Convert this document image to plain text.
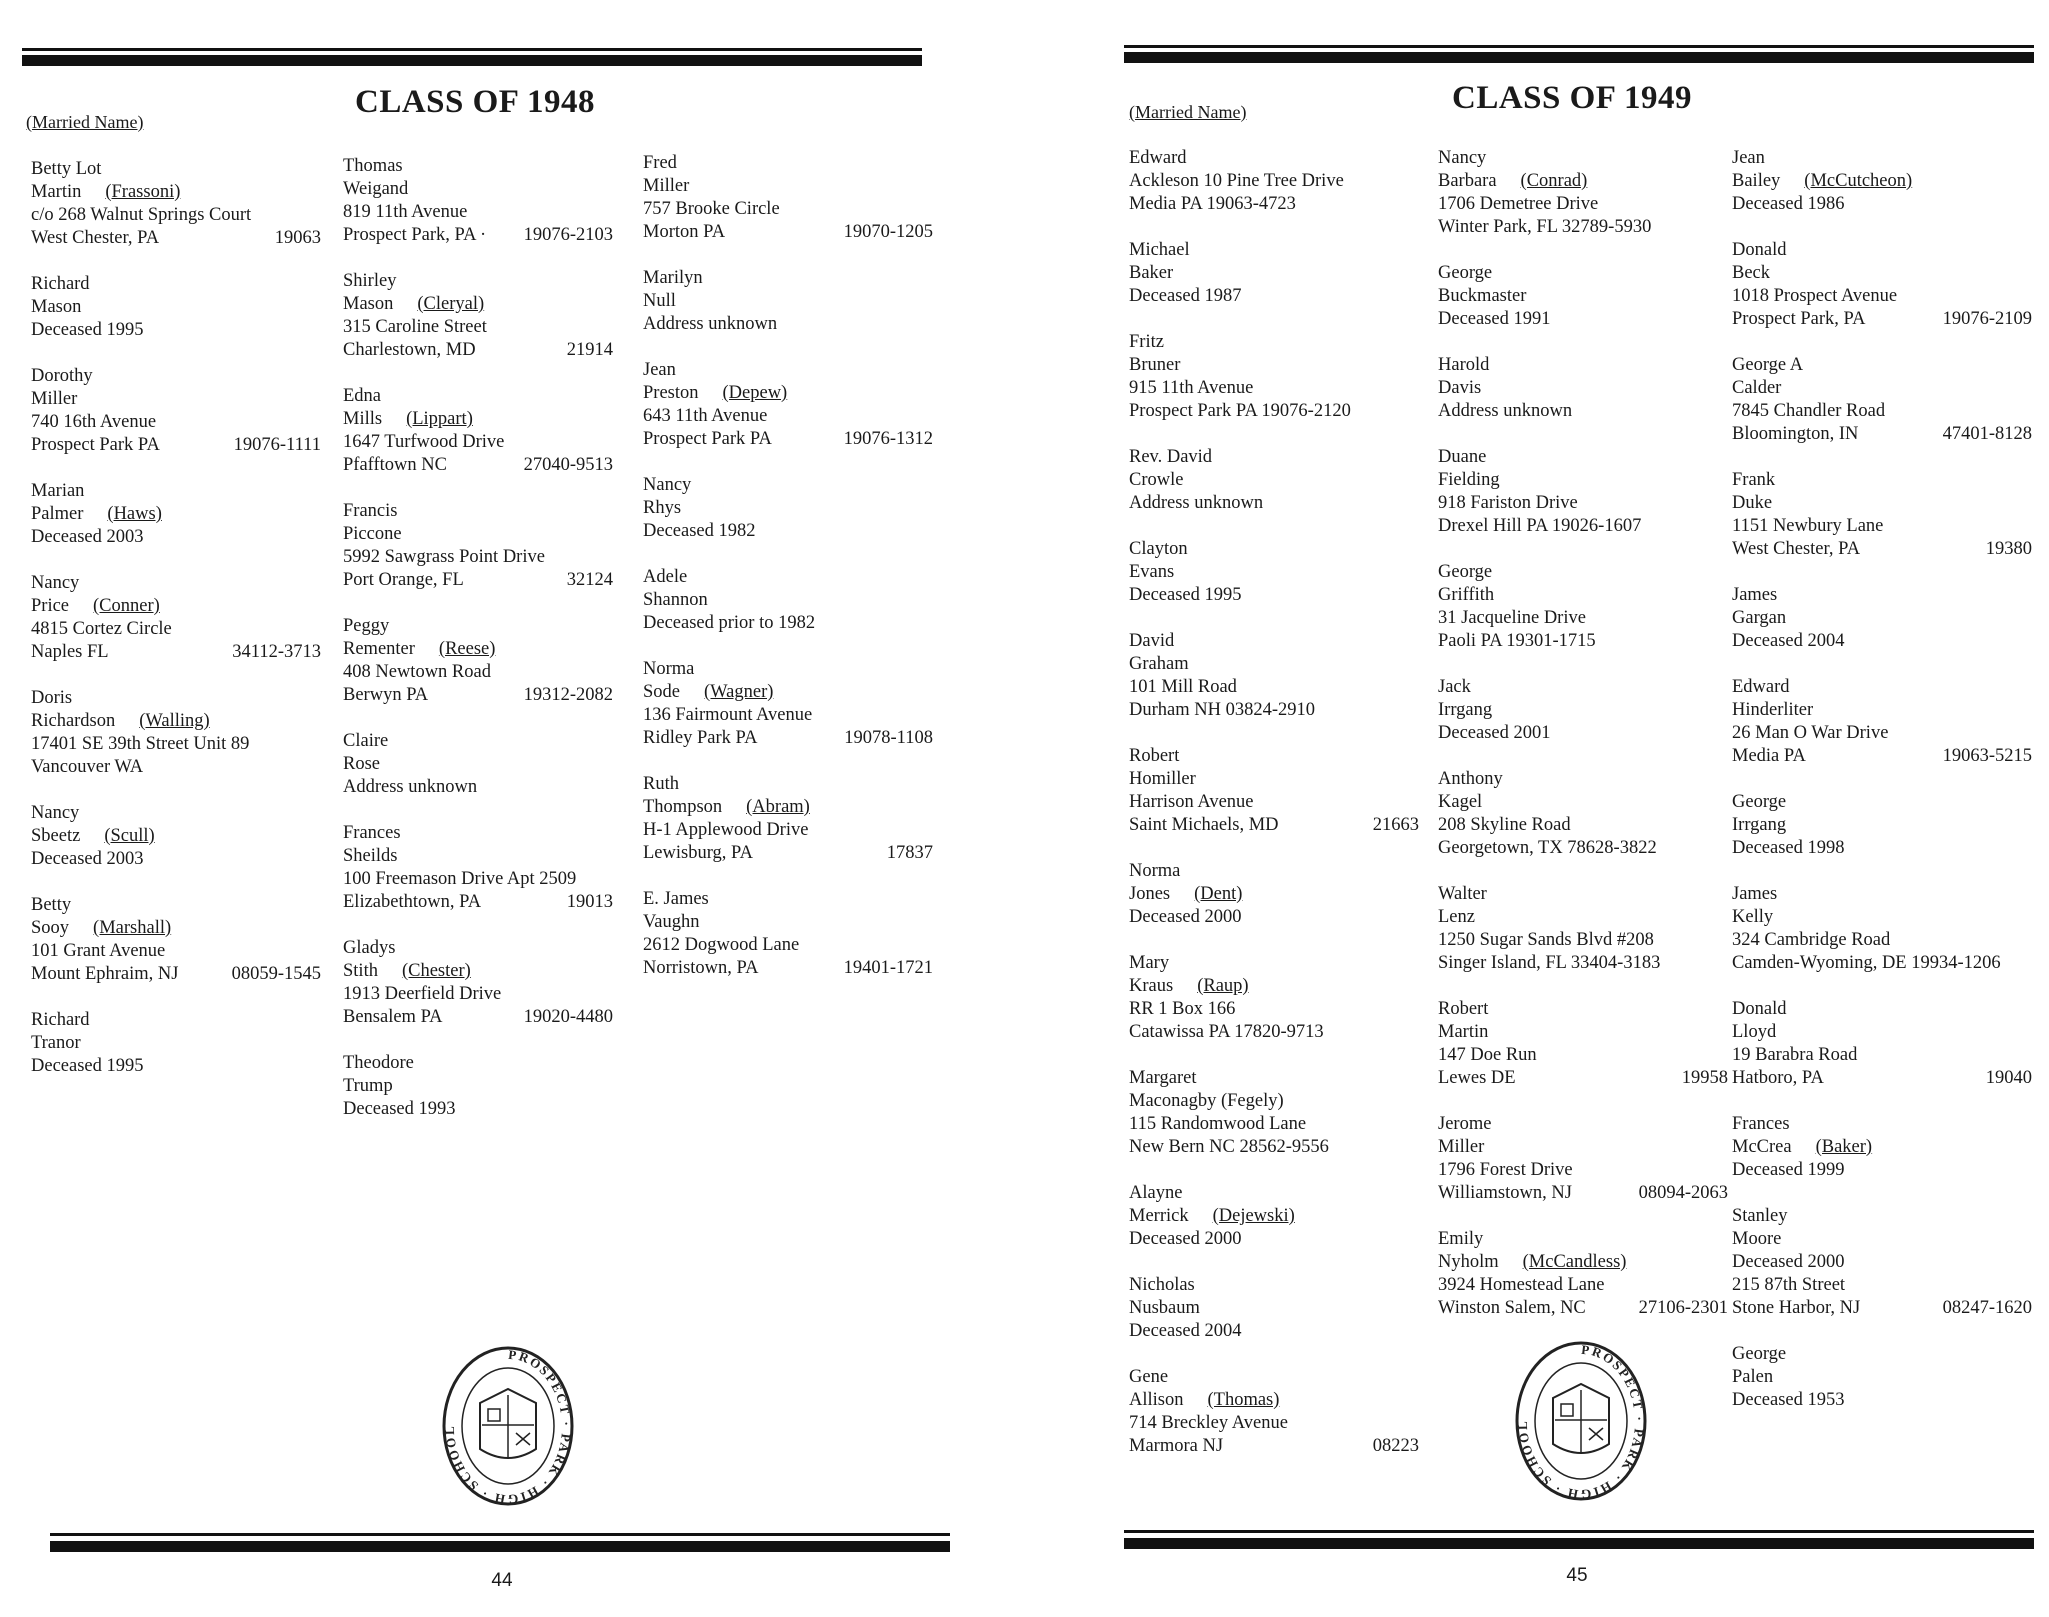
(Married Name)
CLASS OF 1948
Betty Lot
Martin (Frassoni)
c/o 268 Walnut Springs Court
West Chester, PA	19063
Richard
Mason
Deceased 1995
Dorothy
Miller
740 16th Avenue
Prospect Park PA	19076-1111
Marian
Palmer (Haws)
Deceased 2003
Nancy
Price (Conner)
4815 Cortez Circle
Naples FL	34112-3713
Doris
Richardson (Walling)
17401 SE 39th Street Unit 89
Vancouver WA
Nancy
Sbeetz (Scull)
Deceased 2003
Betty
Sooy (Marshall)
101 Grant Avenue
Mount Ephraim, NJ	08059-1545
Richard
Tranor
Deceased 1995
Thomas
Weigand
819 11th Avenue
Prospect Park, PA ·	19076-2103
Shirley
Mason (Cleryal)
315 Caroline Street
Charlestown, MD	21914
Edna
Mills (Lippart)
1647 Turfwood Drive
Pfafftown NC	27040-9513
Francis
Piccone
5992 Sawgrass Point Drive
Port Orange, FL	32124
Peggy
Rementer (Reese)
408 Newtown Road
Berwyn PA	19312-2082
Claire
Rose
Address unknown
Frances
Sheilds
100 Freemason Drive Apt 2509
Elizabethtown, PA	19013
Gladys
Stith (Chester)
1913 Deerfield Drive
Bensalem PA	19020-4480
Theodore
Trump
Deceased 1993
Fred
Miller
757 Brooke Circle
Morton PA	19070-1205
Marilyn
Null
Address unknown
Jean
Preston (Depew)
643 11th Avenue
Prospect Park PA	19076-1312
Nancy
Rhys
Deceased 1982
Adele
Shannon
Deceased prior to 1982
Norma
Sode (Wagner)
136 Fairmount Avenue
Ridley Park PA	19078-1108
Ruth
Thompson (Abram)
H-1 Applewood Drive
Lewisburg, PA	17837
E. James
Vaughn
2612 Dogwood Lane
Norristown, PA	19401-1721
PROSPECT · PARK · HIGH · SCHOOL
44
(Married Name)	CLASS OF 1949
Edward
Ackleson 10 Pine Tree Drive
Media PA 19063-4723
Michael
Baker
Deceased 1987
Fritz
Bruner
915 11th Avenue
Prospect Park PA 19076-2120
Rev. David
Crowle
Address unknown
Clayton
Evans
Deceased 1995
David
Graham
101 Mill Road
Durham NH 03824-2910
Robert
Homiller
Harrison Avenue
Saint Michaels, MD	21663
Norma
Jones (Dent)
Deceased 2000
Mary
Kraus (Raup)
RR 1 Box 166
Catawissa PA 17820-9713
Margaret
Maconagby (Fegely)
115 Randomwood Lane
New Bern NC 28562-9556
Alayne
Merrick (Dejewski)
Deceased 2000
Nicholas
Nusbaum
Deceased 2004
Gene
Allison (Thomas)
714 Breckley Avenue
Marmora NJ	08223
Nancy
Barbara (Conrad)
1706 Demetree Drive
Winter Park, FL 32789-5930
George
Buckmaster
Deceased 1991
Harold
Davis
Address unknown
Duane
Fielding
918 Fariston Drive
Drexel Hill PA 19026-1607
George
Griffith
31 Jacqueline Drive
Paoli PA 19301-1715
Jack
Irrgang
Deceased 2001
Anthony
Kagel
208 Skyline Road
Georgetown, TX 78628-3822
Walter
Lenz
1250 Sugar Sands Blvd #208
Singer Island, FL 33404-3183
Robert
Martin
147 Doe Run
Lewes DE	19958
Jerome
Miller
1796 Forest Drive
Williamstown, NJ	08094-2063
Emily
Nyholm (McCandless)
3924 Homestead Lane
Winston Salem, NC	27106-2301
Jean
Bailey (McCutcheon)
Deceased 1986
Donald
Beck
1018 Prospect Avenue
Prospect Park, PA	19076-2109
George A
Calder
7845 Chandler Road
Bloomington, IN	47401-8128
Frank
Duke
1151 Newbury Lane
West Chester, PA	19380
James
Gargan
Deceased 2004
Edward
Hinderliter
26 Man O War Drive
Media PA	19063-5215
George
Irrgang
Deceased 1998
James
Kelly
324 Cambridge Road
Camden-Wyoming, DE 19934-1206
Donald
Lloyd
19 Barabra Road
Hatboro, PA	19040
Frances
McCrea (Baker)
Deceased 1999
Stanley
Moore
Deceased 2000
215 87th Street
Stone Harbor, NJ	08247-1620
George
Palen
Deceased 1953
PROSPECT · PARK · HIGH · SCHOOL
45
